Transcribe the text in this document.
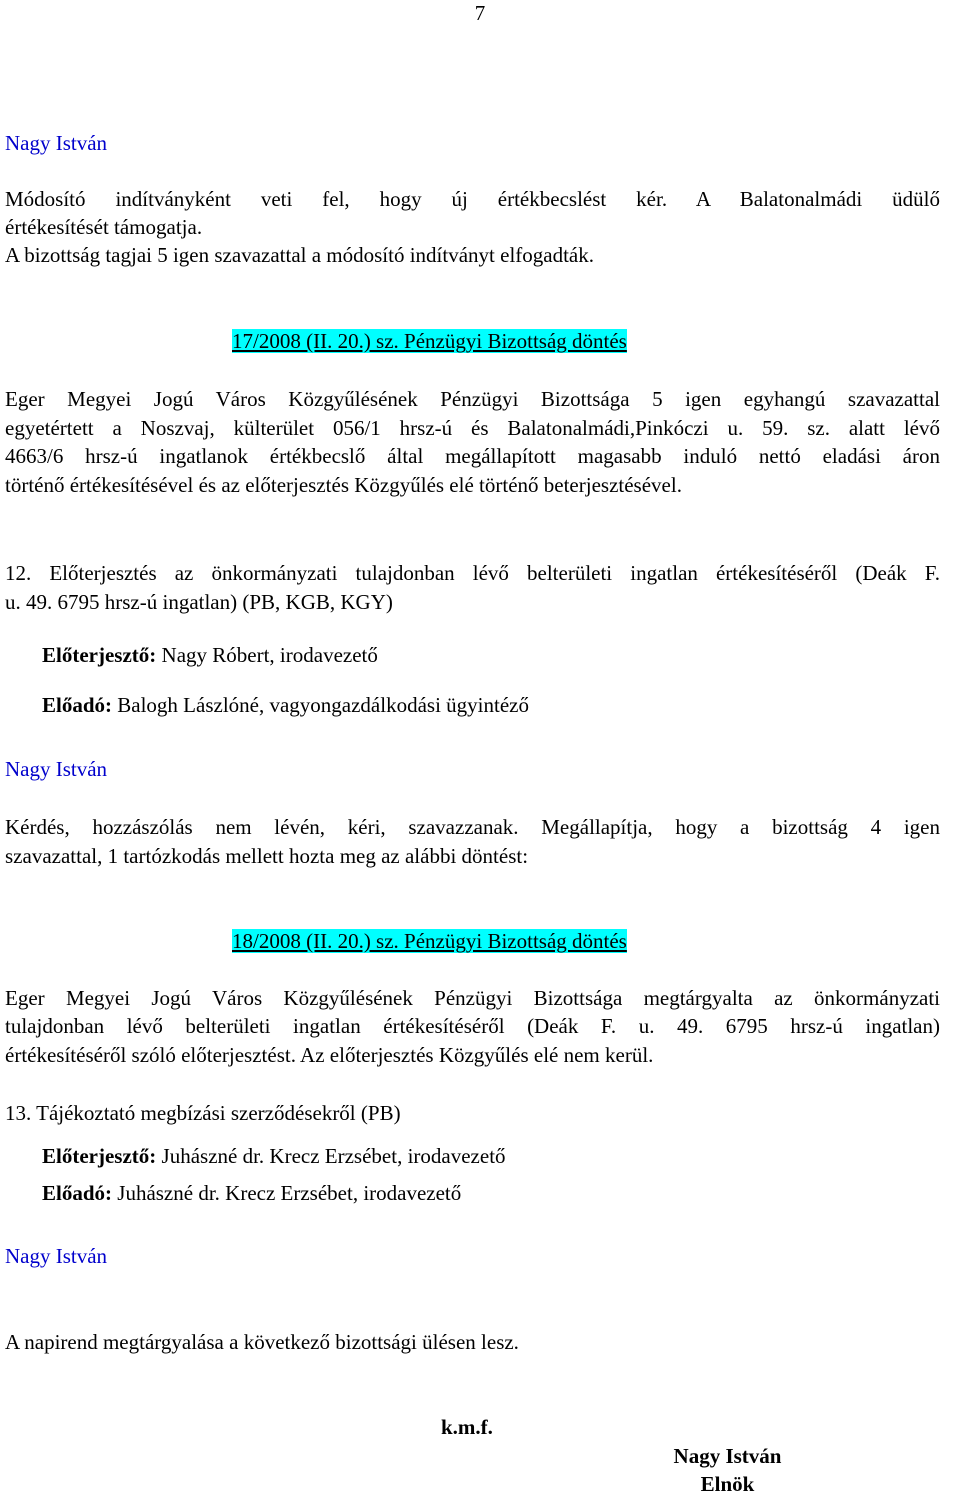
7
Nagy István
Módosító indítványként veti fel, hogy új értékbecslést kér. A Balatonalmádi üdülő
értékesítését támogatja.
A bizottság tagjai 5 igen szavazattal a módosító indítványt elfogadták.
17/2008 (II. 20.) sz. Pénzügyi Bizottság döntés
Eger Megyei Jogú Város Közgyűlésének Pénzügyi Bizottsága 5 igen egyhangú szavazattal
egyetértett a Noszvaj, külterület 056/1 hrsz-ú és Balatonalmádi,Pinkóczi u. 59. sz. alatt lévő
4663/6 hrsz-ú ingatlanok értékbecslő által megállapított magasabb induló nettó eladási áron
történő értékesítésével és az előterjesztés Közgyűlés elé történő beterjesztésével.
12. Előterjesztés az önkormányzati tulajdonban lévő belterületi ingatlan értékesítéséről (Deák F.
u. 49. 6795 hrsz-ú ingatlan) (PB, KGB, KGY)
Előterjesztő: Nagy Róbert, irodavezető
Előadó: Balogh Lászlóné, vagyongazdálkodási ügyintéző
Nagy István
Kérdés, hozzászólás nem lévén, kéri, szavazzanak. Megállapítja, hogy a bizottság 4 igen
szavazattal, 1 tartózkodás mellett hozta meg az alábbi döntést:
18/2008 (II. 20.) sz. Pénzügyi Bizottság döntés
Eger Megyei Jogú Város Közgyűlésének Pénzügyi Bizottsága megtárgyalta az önkormányzati
tulajdonban lévő belterületi ingatlan értékesítéséről (Deák F. u. 49. 6795 hrsz-ú ingatlan)
értékesítéséről szóló előterjesztést. Az előterjesztés Közgyűlés elé nem kerül.
13. Tájékoztató megbízási szerződésekről (PB)
Előterjesztő: Juhászné dr. Krecz Erzsébet, irodavezető
Előadó: Juhászné dr. Krecz Erzsébet, irodavezető
Nagy István
A napirend megtárgyalása a következő bizottsági ülésen lesz.
k.m.f.
Nagy István
Elnök
